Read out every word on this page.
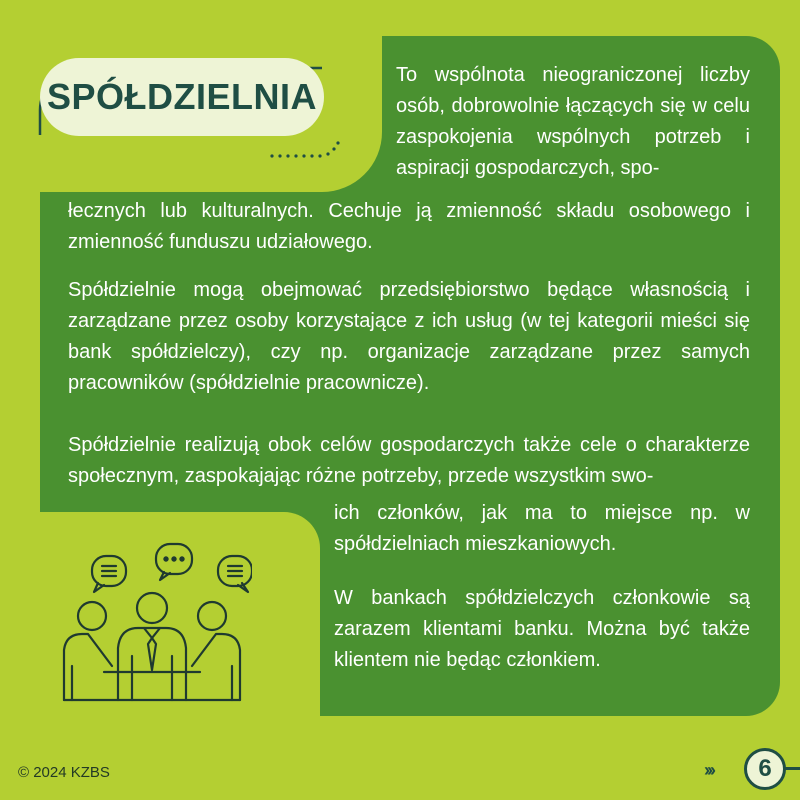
SPÓŁDZIELNIA

To wspólnota nieograniczonej liczby osób, dobrowolnie łączących się w celu zaspokojenia wspólnych potrzeb i aspiracji gospodarczych, spo-

łecznych lub kulturalnych. Cechuje ją zmienność składu osobowego i zmienność funduszu udziałowego.

Spółdzielnie mogą obejmować przedsiębiorstwo będące własnością i zarządzane przez osoby korzystające z ich usług (w tej kategorii mieści się bank spółdzielczy), czy np. organizacje zarządzane przez samych pracowników (spółdzielnie pracownicze).

Spółdzielnie realizują obok celów gospodarczych także cele o charakterze społecznym, zaspokajając różne potrzeby, przede wszystkim swo-

ich członków, jak ma to miejsce np. w spółdzielniach mieszkaniowych.

W bankach spółdzielczych członkowie są zarazem klientami banku. Można być także klientem nie będąc członkiem.

© 2024 KZBS	››› 6
